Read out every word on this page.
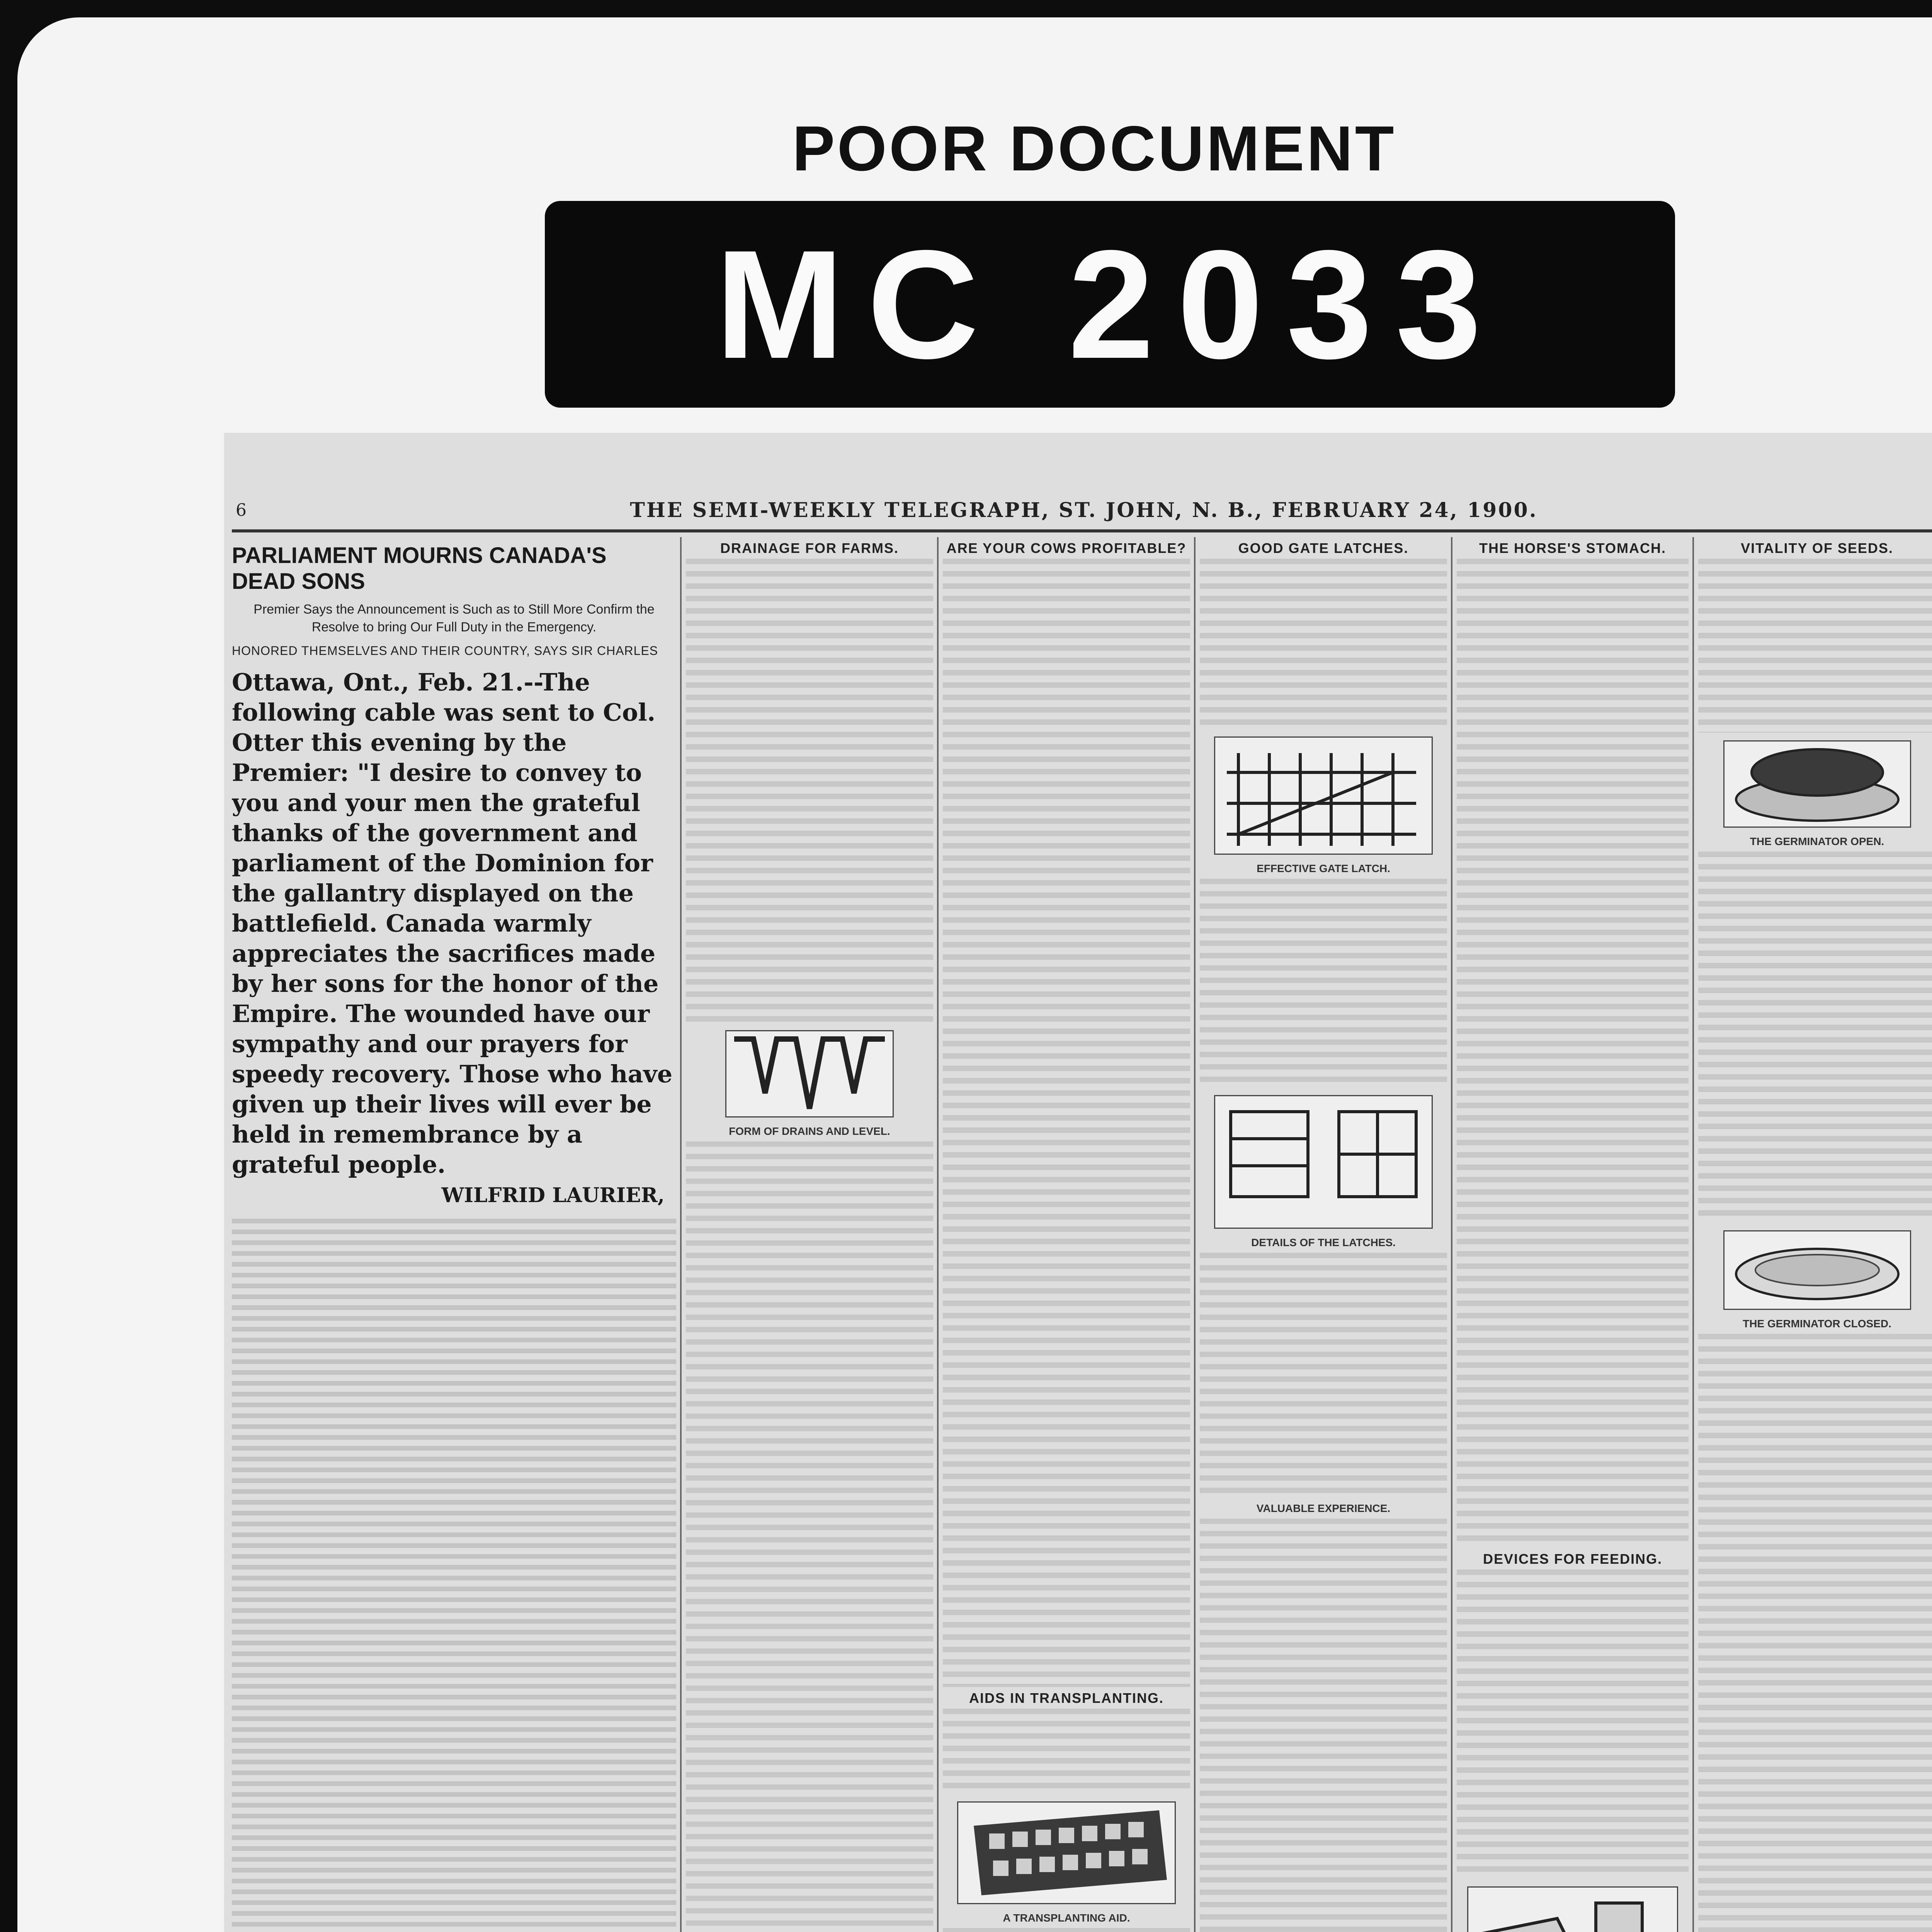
POOR DOCUMENT
MC 2033
6	THE SEMI-WEEKLY TELEGRAPH, ST. JOHN, N. B., FEBRUARY 24, 1900.
PARLIAMENT MOURNS CANADA'S DEAD SONS
Premier Says the Announcement is Such as to Still More Confirm the Resolve to bring Our Full Duty in the Emergency.
HONORED THEMSELVES AND THEIR COUNTRY, SAYS SIR CHARLES
Ottawa, Ont., Feb. 21.--The following cable was sent to Col. Otter this evening by the Premier: "I desire to convey to you and your men the grateful thanks of the government and parliament of the Dominion for the gallantry displayed on the battlefield. Canada warmly appreciates the sacrifices made by her sons for the honor of the Empire. The wounded have our sympathy and our prayers for speedy recovery. Those who have given up their lives will ever be held in remembrance by a grateful people.
WILFRID LAURIER,
DRAINAGE FOR FARMS.
FORM OF DRAINS AND LEVEL.
ARE YOUR COWS PROFITABLE?
AIDS IN TRANSPLANTING.
A TRANSPLANTING AID.
GOOD GATE LATCHES.
EFFECTIVE GATE LATCH.
DETAILS OF THE LATCHES.
VALUABLE EXPERIENCE.
THE HORSE'S STOMACH.
DEVICES FOR FEEDING.
VITALITY OF SEEDS.
THE GERMINATOR OPEN.
THE GERMINATOR CLOSED.
